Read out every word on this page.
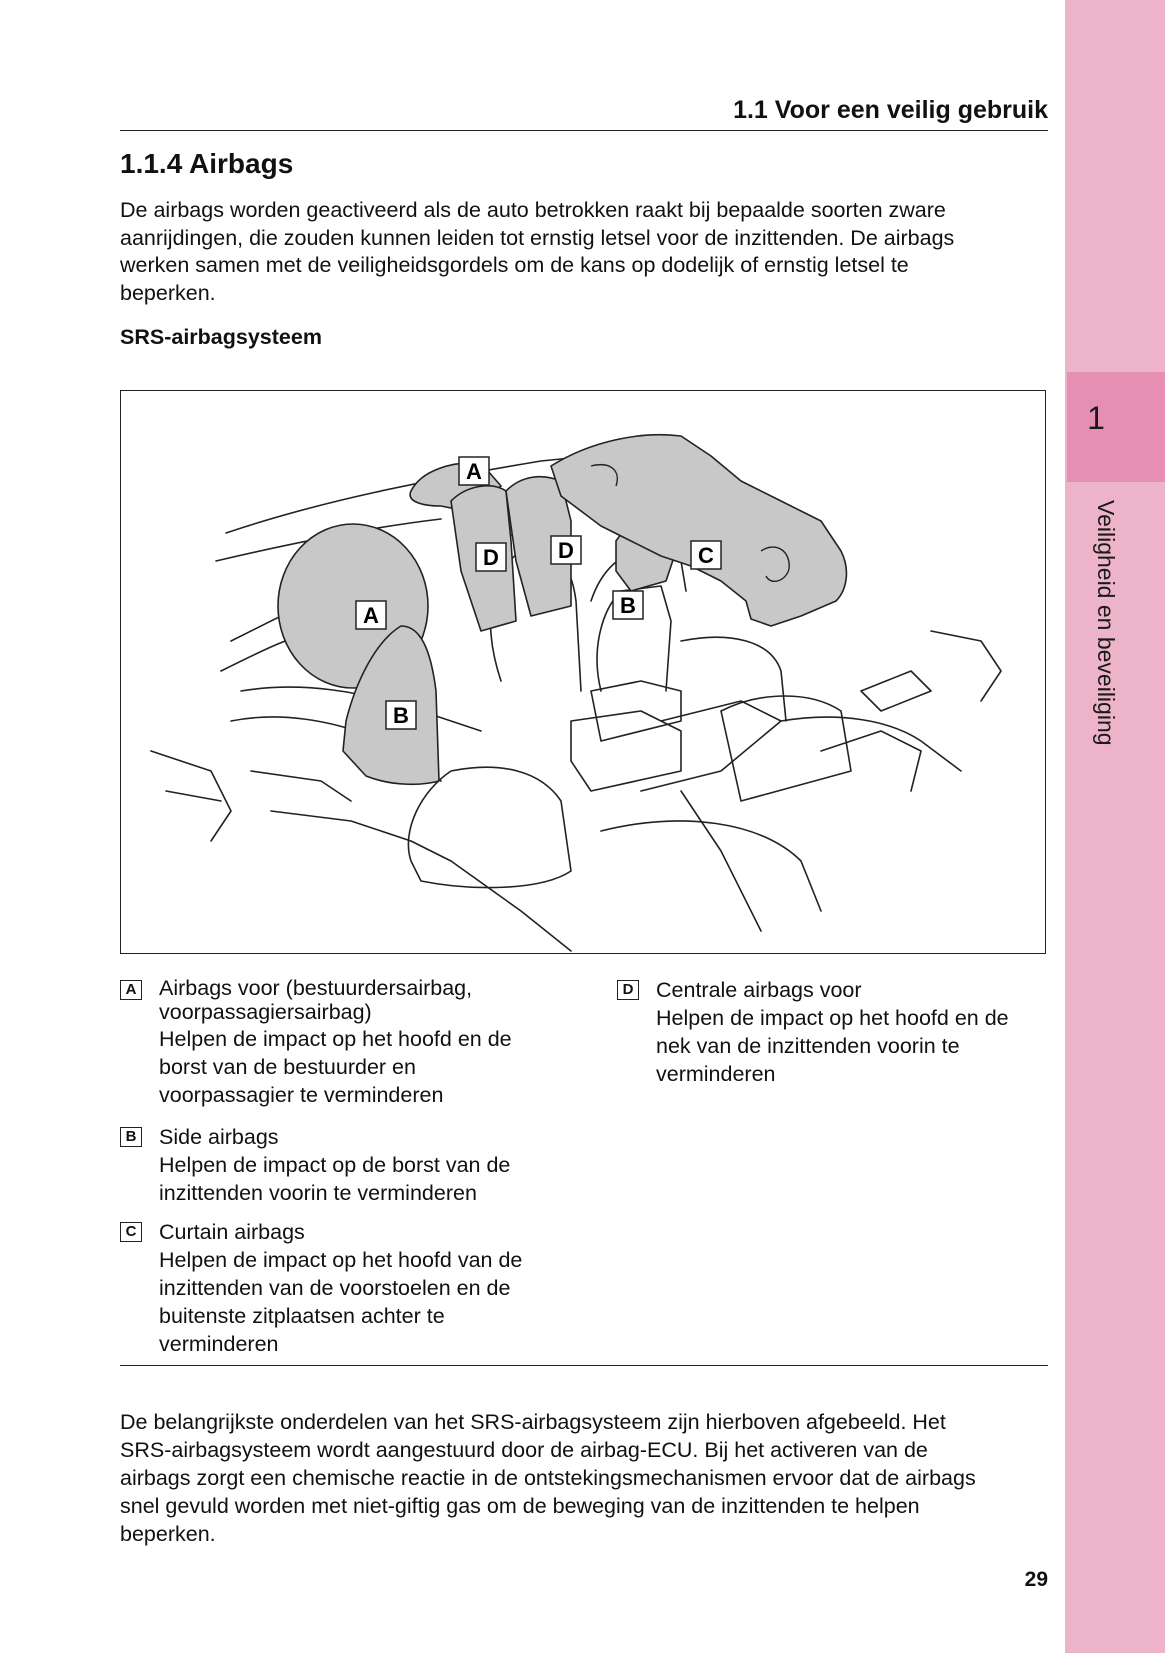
1
Veiligheid en beveiliging
1.1 Voor een veilig gebruik
1.1.4 Airbags

De airbags worden geactiveerd als de auto betrokken raakt bij bepaalde soorten zware
aanrijdingen, die zouden kunnen leiden tot ernstig letsel voor de inzittenden. De airbags
werken samen met de veiligheidsgordels om de kans op dodelijk of ernstig letsel te
beperken.

SRS-airbagsysteem
A
A
B
B
C
D	D
A Airbags voor (bestuurdersairbag,
voorpassagiersairbag)
Helpen de impact op het hoofd en de
borst van de bestuurder en
voorpassagier te verminderen
B Side airbags
Helpen de impact op de borst van de
inzittenden voorin te verminderen
C Curtain airbags
Helpen de impact op het hoofd van de
inzittenden van de voorstoelen en de
buitenste zitplaatsen achter te
verminderen
D Centrale airbags voor
Helpen de impact op het hoofd en de
nek van de inzittenden voorin te
verminderen

De belangrijkste onderdelen van het SRS-airbagsysteem zijn hierboven afgebeeld. Het
SRS-airbagsysteem wordt aangestuurd door de airbag-ECU. Bij het activeren van de
airbags zorgt een chemische reactie in de ontstekingsmechanismen ervoor dat de airbags
snel gevuld worden met niet-giftig gas om de beweging van de inzittenden te helpen
beperken.

29
